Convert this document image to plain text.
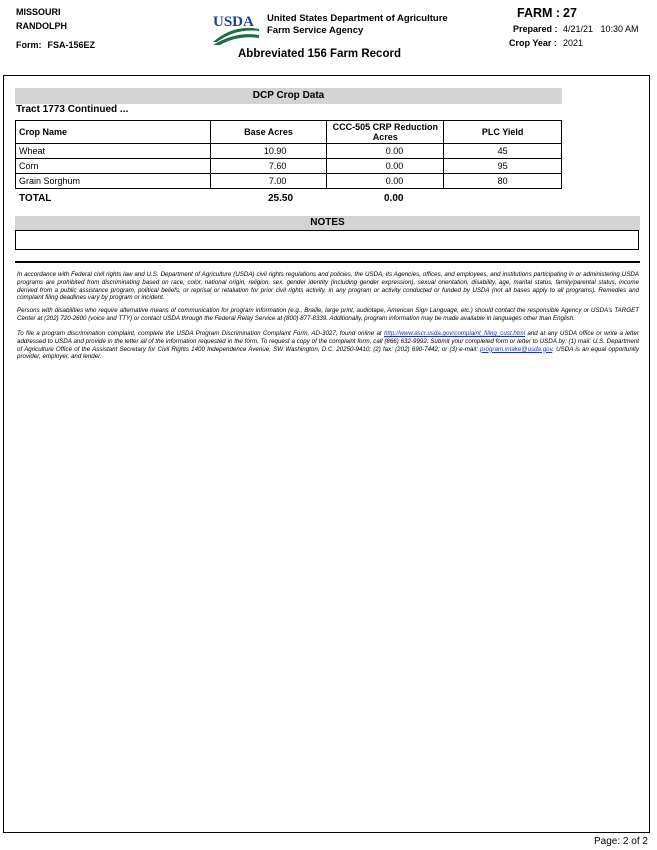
MISSOURI
RANDOLPH
Form: FSA-156EZ
USDA United States Department of Agriculture
Farm Service Agency
Abbreviated 156 Farm Record
FARM : 27
Prepared : 4/21/21   10:30 AM
Crop Year : 2021
DCP Crop Data
Tract 1773 Continued ...
Crop Name	Base Acres	CCC-505 CRP Reduction Acres	PLC Yield
Wheat	10.90	0.00	45
Corn	7.60	0.00	95
Grain Sorghum	7.00	0.00	80
TOTAL	25.50	0.00
NOTES

In accordance with Federal civil rights law and U.S. Department of Agriculture (USDA) civil rights regulations and policies, the USDA, its Agencies, offices, and employees, and institutions participating in or administering USDA programs are prohibited from discriminating based on race, color, national origin, religion, sex, gender identity (including gender expression), sexual orientation, disability, age, marital status, family/parental status, income derived from a public assistance program, political beliefs, or reprisal or retaliation for prior civil rights activity, in any program or activity conducted or funded by USDA (not all bases apply to all programs). Remedies and complaint filing deadlines vary by program or incident.

Persons with disabilities who require alternative means of communication for program information (e.g., Braille, large print, audiotape, American Sign Language, etc.) should contact the responsible Agency or USDA's TARGET Center at (202) 720-2600 (voice and TTY) or contact USDA through the Federal Relay Service at (800) 877-8339. Additionally, program information may be made available in languages other than English.

To file a program discrimination complaint, complete the USDA Program Discrimination Complaint Form, AD-3027, found online at http://www.ascr.usda.gov/complaint_filing_cust.html and at any USDA office or write a letter addressed to USDA and provide in the letter all of the information requested in the form. To request a copy of the complaint form, call (866) 632-9992. Submit your completed form or letter to USDA by: (1) mail: U.S. Department of Agriculture Office of the Assistant Secretary for Civil Rights 1400 Independence Avenue, SW Washington, D.C. 20250-9410; (2) fax: (202) 690-7442; or (3) e-mail: program.intake@usda.gov. USDA is an equal opportunity provider, employer, and lender.

Page: 2 of 2
